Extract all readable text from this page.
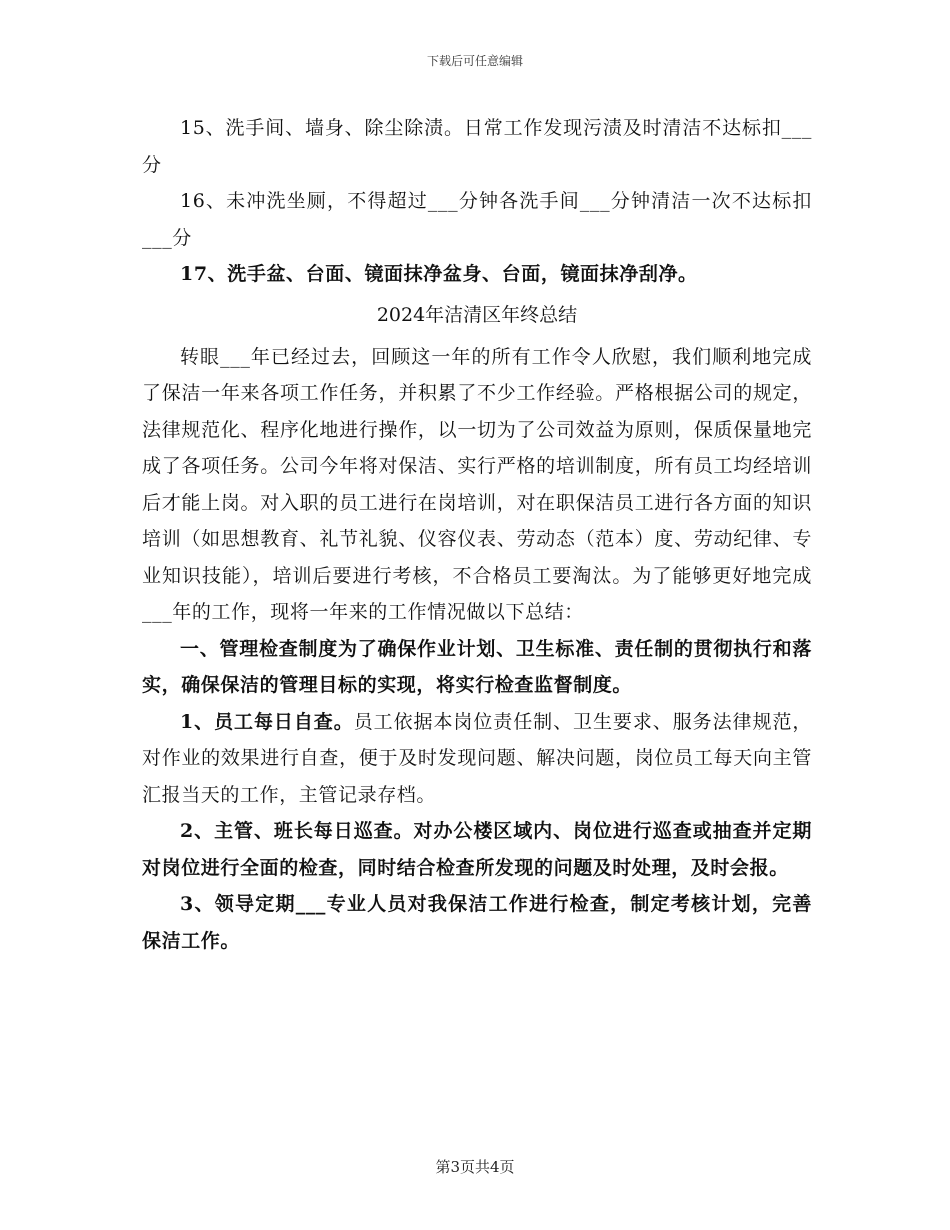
下载后可任意编辑

15、洗手间、墙身、除尘除渍。日常工作发现污渍及时清洁不达标扣___分

16、未冲洗坐厕，不得超过___分钟各洗手间___分钟清洁一次不达标扣___分

17、洗手盆、台面、镜面抹净盆身、台面，镜面抹净刮净。

2024年洁清区年终总结

转眼___年已经过去，回顾这一年的所有工作令人欣慰，我们顺利地完成了保洁一年来各项工作任务，并积累了不少工作经验。严格根据公司的规定，法律规范化、程序化地进行操作，以一切为了公司效益为原则，保质保量地完成了各项任务。公司今年将对保洁、实行严格的培训制度，所有员工均经培训后才能上岗。对入职的员工进行在岗培训，对在职保洁员工进行各方面的知识培训（如思想教育、礼节礼貌、仪容仪表、劳动态（范本）度、劳动纪律、专业知识技能），培训后要进行考核，不合格员工要淘汰。为了能够更好地完成___年的工作，现将一年来的工作情况做以下总结：

一、管理检查制度为了确保作业计划、卫生标准、责任制的贯彻执行和落实，确保保洁的管理目标的实现，将实行检查监督制度。

1、员工每日自查。员工依据本岗位责任制、卫生要求、服务法律规范，对作业的效果进行自查，便于及时发现问题、解决问题，岗位员工每天向主管汇报当天的工作，主管记录存档。

2、主管、班长每日巡查。对办公楼区域内、岗位进行巡查或抽查并定期对岗位进行全面的检查，同时结合检查所发现的问题及时处理，及时会报。

3、领导定期___专业人员对我保洁工作进行检查，制定考核计划，完善保洁工作。

第3页共4页
